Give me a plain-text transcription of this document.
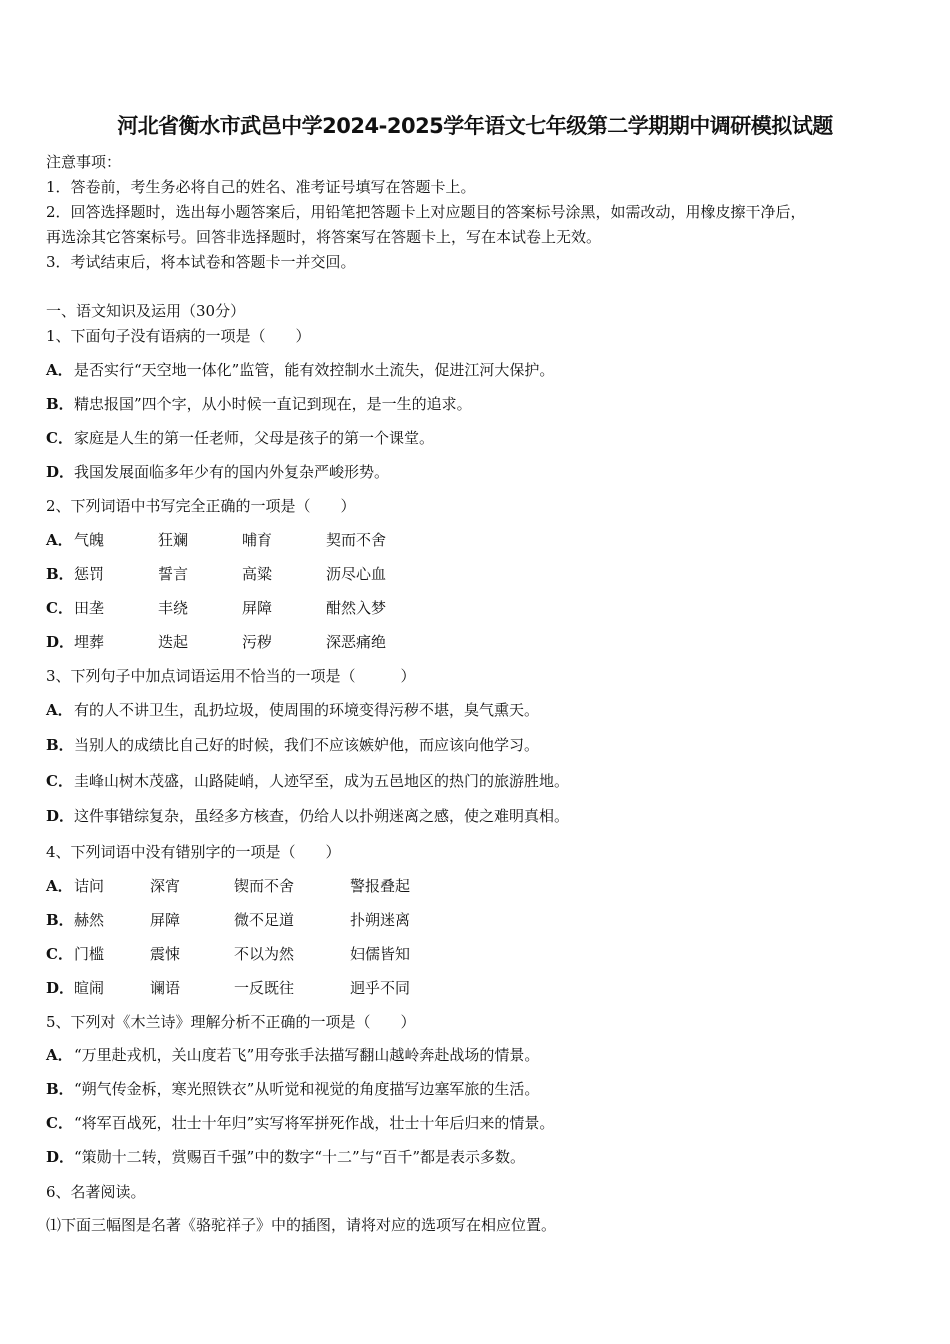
河北省衡水市武邑中学2024-2025学年语文七年级第二学期期中调研模拟试题
注意事项：
1．答卷前，考生务必将自己的姓名、准考证号填写在答题卡上。
2．回答选择题时，选出每小题答案后，用铅笔把答题卡上对应题目的答案标号涂黑，如需改动，用橡皮擦干净后，
再选涂其它答案标号。回答非选择题时，将答案写在答题卡上，写在本试卷上无效。
3．考试结束后，将本试卷和答题卡一并交回。
一、语文知识及运用（30分）
1、下面句子没有语病的一项是（　　）
A．是否实行“天空地一体化”监管，能有效控制水土流失，促进江河大保护。
B．精忠报国”四个字，从小时候一直记到现在，是一生的追求。
C．家庭是人生的第一任老师，父母是孩子的第一个课堂。
D．我国发展面临多年少有的国内外复杂严峻形势。
2、下列词语中书写完全正确的一项是（　　）
A． 气魄	狂斓	哺育	契而不舍
B． 惩罚	誓言	高粱	沥尽心血
C． 田垄	丰绕	屏障	酣然入梦
D． 埋葬	迭起	污秽	深恶痛绝
3、下列句子中加点词语运用不恰当的一项是（　　　）
A．有的人不讲卫生，乱扔垃圾，使周围的环境变得污秽不堪，臭气熏天。
B．当别人的成绩比自己好的时候，我们不应该嫉妒他，而应该向他学习。
C．圭峰山树木茂盛，山路陡峭，人迹罕至，成为五邑地区的热门的旅游胜地。
D．这件事错综复杂，虽经多方核查，仍给人以扑朔迷离之感，使之难明真相。
4、下列词语中没有错别字的一项是（　　）
A． 诘问	深宵	锲而不舍	警报叠起
B． 赫然	屏障	微不足道	扑朔迷离
C． 门槛	震悚	不以为然	妇儒皆知
D． 暄闹	谰语	一反既往	迥乎不同
5、下列对《木兰诗》理解分析不正确的一项是（　　）
A．“万里赴戎机，关山度若飞”用夸张手法描写翻山越岭奔赴战场的情景。
B．“朔气传金柝，寒光照铁衣”从听觉和视觉的角度描写边塞军旅的生活。
C．“将军百战死，壮士十年归”实写将军拼死作战，壮士十年后归来的情景。
D．“策勋十二转，赏赐百千强”中的数字“十二”与“百千”都是表示多数。
6、名著阅读。
⑴下面三幅图是名著《骆驼祥子》中的插图，请将对应的选项写在相应位置。
